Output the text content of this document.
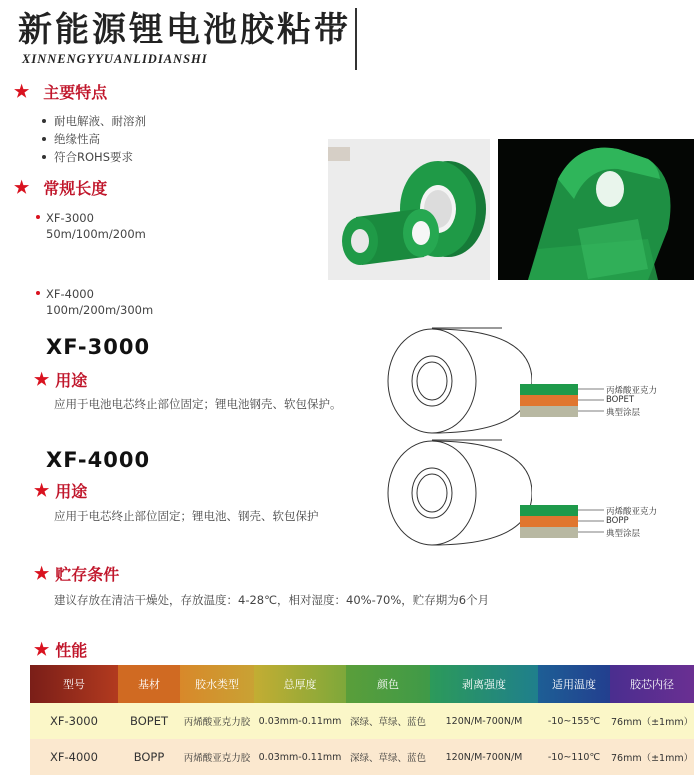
新能源锂电池胶粘带
XINNENGYYUANLIDIANSHI
★ 主要特点
耐电解液、耐溶剂
绝缘性高
符合ROHS要求
★ 常规长度
XF-3000
50m/100m/200m
XF-4000
100m/200m/300m
XF-3000
★ 用途
应用于电池电芯终止部位固定；锂电池钢壳、软包保护。
丙烯酸亚克力
BOPET
典型涂层
XF-4000
★ 用途
应用于电芯终止部位固定；锂电池、钢壳、软包保护	丙烯酸亚克力
BOPP
典型涂层
★ 贮存条件
建议存放在清洁干燥处，存放温度：4-28℃，相对湿度：40%-70%，贮存期为6个月
★ 性能
型号	基材	胶水类型	总厚度	颜色	剥离强度	适用温度	胶芯内径
XF-3000	BOPET	丙烯酸亚克力胶	0.03mm-0.11mm	深绿、草绿、蓝色	120N/M-700N/M	-10~155℃	76mm（±1mm）
XF-4000	BOPP	丙烯酸亚克力胶	0.03mm-0.11mm	深绿、草绿、蓝色	120N/M-700N/M	-10~110℃	76mm（±1mm）
